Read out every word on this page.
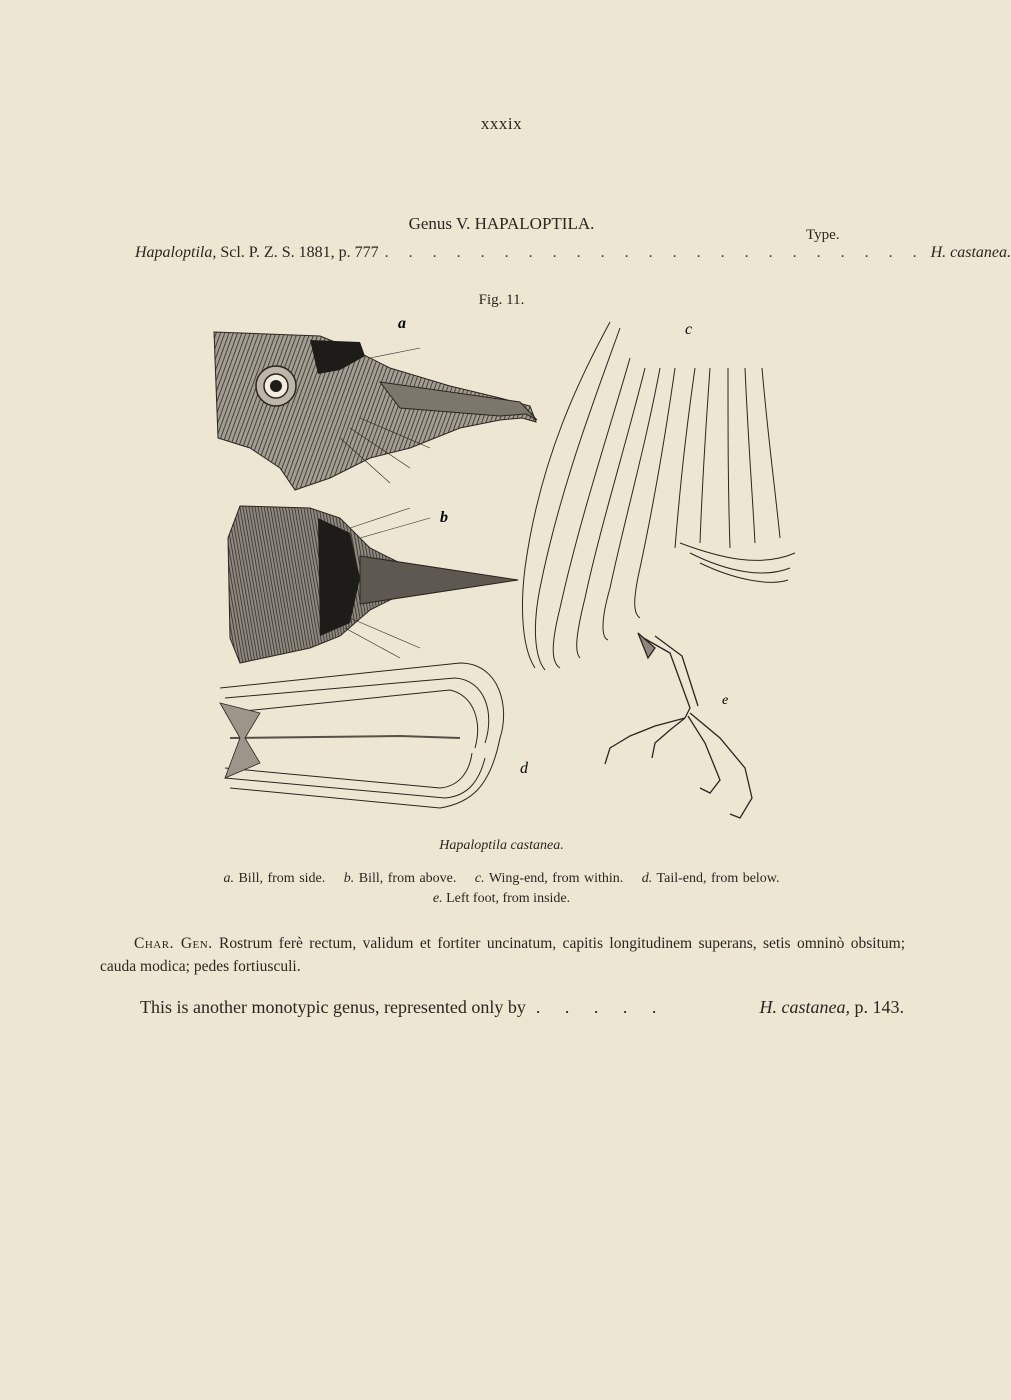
xxxix
Genus V. HAPALOPTILA.
Type.
Hapaloptila,
Scl. P. Z. S. 1881, p. 777 . . . . . . . . . . . . . . . . . . . . . . . H. castanea.
Fig. 11.
a
b
c
d
e
Hapaloptila castanea.
a. Bill, from side. b. Bill, from above. c. Wing-end, from within. d. Tail-end, from below.
e. Left foot, from inside.
Char. Gen. Rostrum ferè rectum, validum et fortiter uncinatum, capitis longitudinem superans, setis omninò obsitum; cauda modica; pedes fortiusculi.
This is another monotypic genus, represented only by . . . . .	H. castanea,
p. 143.
